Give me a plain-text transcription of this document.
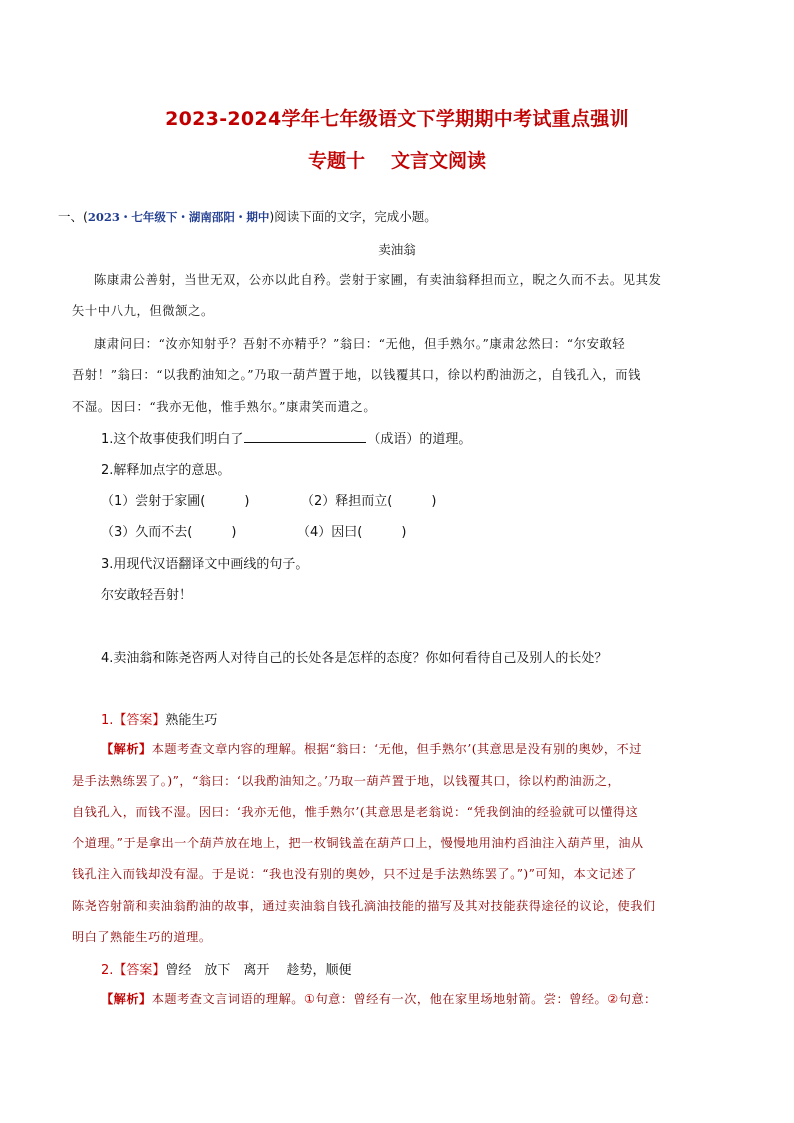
2023-2024学年七年级语文下学期期中考试重点强训
专题十 文言文阅读
一、(2023・七年级下・湖南邵阳・期中)阅读下面的文字，完成小题。
卖油翁
陈康肃公善射，当世无双，公亦以此自矜。尝射于家圃，有卖油翁释担而立，睨之久而不去。见其发
矢十中八九，但微颔之。
康肃问曰：“汝亦知射乎？吾射不亦精乎？”翁曰：“无他，但手熟尔。”康肃忿然曰：“尔安敢轻
吾射！”翁曰：“以我酌油知之。”乃取一葫芦置于地，以钱覆其口，徐以杓酌油沥之，自钱孔入，而钱
不湿。因曰：“我亦无他，惟手熟尔。”康肃笑而遣之。
1.这个故事使我们明白了	（成语）的道理。
2.解释加点字的意思。
（1）尝射于家圃(　　　)	（2）释担而立(　　　)
（3）久而不去(　　　)	（4）因曰(　　　)
3.用现代汉语翻译文中画线的句子。
尔安敢轻吾射！
4.卖油翁和陈尧咨两人对待自己的长处各是怎样的态度？你如何看待自己及别人的长处？
1.【答案】熟能生巧
【解析】本题考查文章内容的理解。根据“翁曰：‘无他，但手熟尔’(其意思是没有别的奥妙，不过
是手法熟练罢了。)”，“翁曰：‘以我酌油知之。’乃取一葫芦置于地，以钱覆其口，徐以杓酌油沥之，
自钱孔入，而钱不湿。因曰：‘我亦无他，惟手熟尔’(其意思是老翁说：“凭我倒油的经验就可以懂得这
个道理。”于是拿出一个葫芦放在地上，把一枚铜钱盖在葫芦口上，慢慢地用油杓舀油注入葫芦里，油从
钱孔注入而钱却没有湿。于是说：“我也没有别的奥妙，只不过是手法熟练罢了。”)”可知，本文记述了
陈尧咨射箭和卖油翁酌油的故事，通过卖油翁自钱孔滴油技能的描写及其对技能获得途径的议论，使我们
明白了熟能生巧的道理。
2.【答案】曾经　放下　离开　 趁势，顺便
【解析】本题考查文言词语的理解。①句意：曾经有一次，他在家里场地射箭。尝：曾经。②句意：
